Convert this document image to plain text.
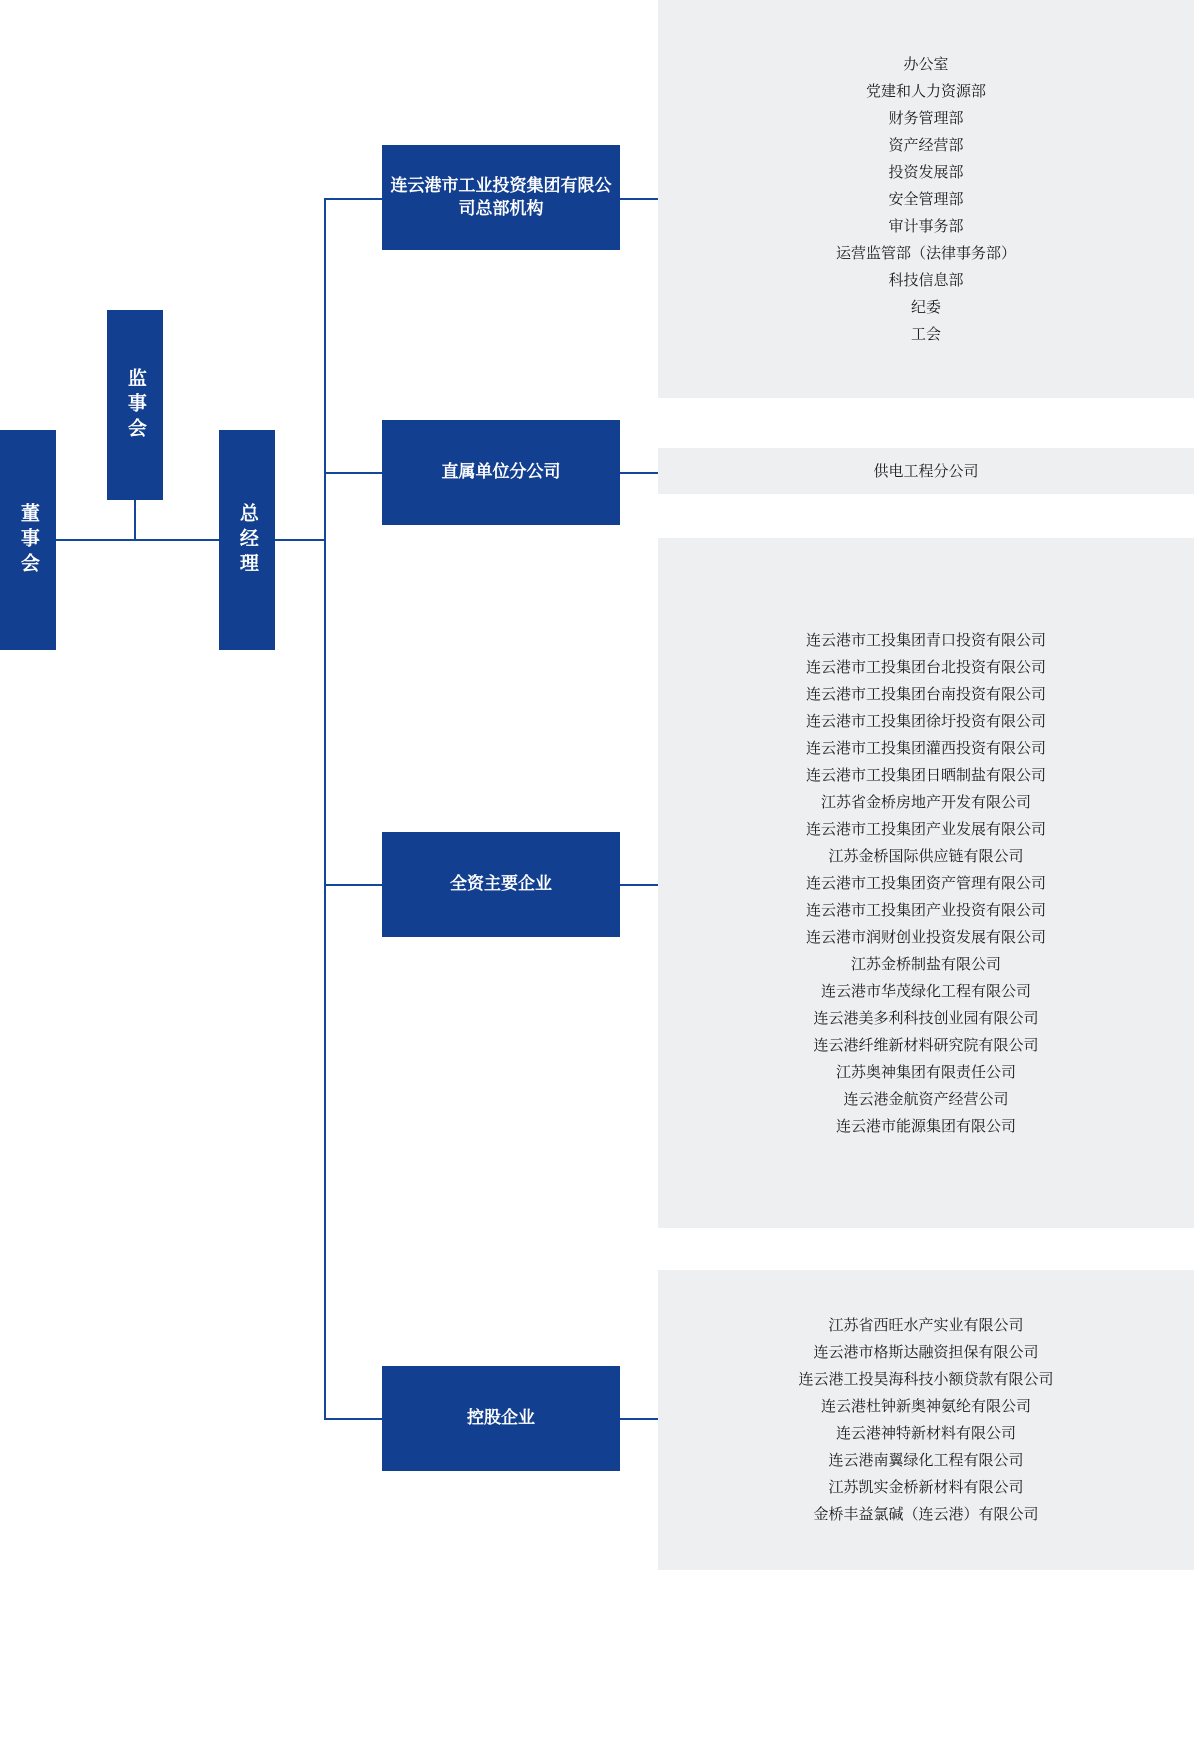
董事会
监事会
总经理
连云港市工业投资集团有限公司总部机构
直属单位分公司
全资主要企业
控股企业
办公室
党建和人力资源部
财务管理部
资产经营部
投资发展部
安全管理部
审计事务部
运营监管部（法律事务部）
科技信息部
纪委
工会
供电工程分公司
连云港市工投集团青口投资有限公司
连云港市工投集团台北投资有限公司
连云港市工投集团台南投资有限公司
连云港市工投集团徐圩投资有限公司
连云港市工投集团灌西投资有限公司
连云港市工投集团日晒制盐有限公司
江苏省金桥房地产开发有限公司
连云港市工投集团产业发展有限公司
江苏金桥国际供应链有限公司
连云港市工投集团资产管理有限公司
连云港市工投集团产业投资有限公司
连云港市润财创业投资发展有限公司
江苏金桥制盐有限公司
连云港市华茂绿化工程有限公司
连云港美多利科技创业园有限公司
连云港纤维新材料研究院有限公司
江苏奥神集团有限责任公司
连云港金航资产经营公司
连云港市能源集团有限公司
江苏省西旺水产实业有限公司
连云港市格斯达融资担保有限公司
连云港工投昊海科技小额贷款有限公司
连云港杜钟新奥神氨纶有限公司
连云港神特新材料有限公司
连云港南翼绿化工程有限公司
江苏凯实金桥新材料有限公司
金桥丰益氯碱（连云港）有限公司
